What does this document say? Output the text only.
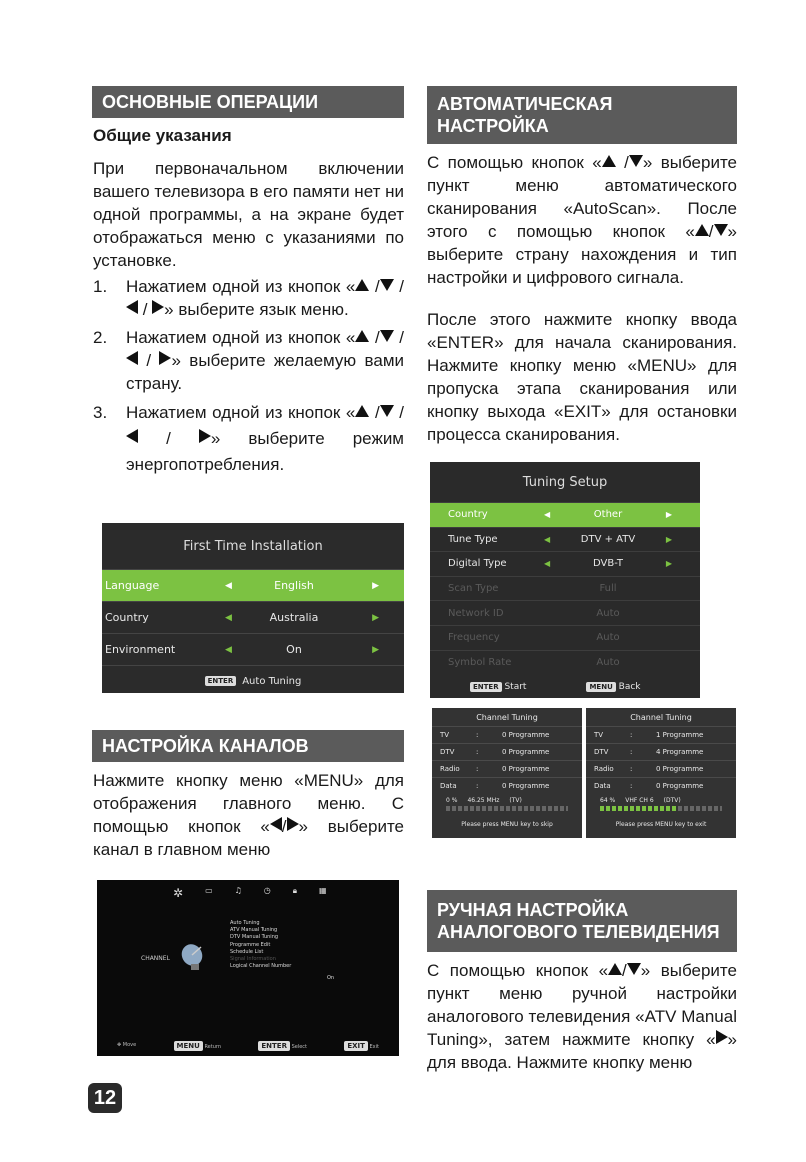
ОСНОВНЫЕ ОПЕРАЦИИ
Общие указания
При первоначальном включении вашего телевизора в его памяти нет ни одной программы, а на экране будет отображаться меню с указаниями по установке.
1. Нажатием одной из кнопок « / /  / » выберите язык меню.
2. Нажатием одной из кнопок « / /  / » выберите желаемую вами страну.
3. Нажатием одной из кнопок « / /  / » выберите режим энергопотребления.
First Time Installation
Language	◀	English	▶
Country	◀	Australia	▶
Environment	◀	On	▶
ENTER Auto Tuning
НАСТРОЙКА КАНАЛОВ
Нажмите кнопку меню «MENU» для отображения главного меню. С помощью кнопок « / » выберите канал в главном меню
✲	▭	♫	◷	🔒︎	▦
CHANNEL
Auto Tuning
ATV Manual Tuning
DTV Manual Tuning
Programme Edit
Schedule List
Signal Information
Logical Channel Number
On
✥ Move	MENU Return	ENTER Select	EXIT Exit
12
АВТОМАТИЧЕСКАЯ НАСТРОЙКА
С помощью кнопок « / » выберите пункт меню автоматического сканирования «AutoScan». После этого с помощью кнопок « / » выберите страну нахождения и тип настройки и цифрового сигнала.
После этого нажмите кнопку ввода «ENTER» для начала сканирования. Нажмите кнопку меню «MENU» для пропуска этапа сканирования или кнопку выхода «EXIT» для остановки процесса сканирования.
Tuning Setup
Country	◀	Other	▶
Tune Type	◀	DTV + ATV	▶
Digital Type	◀	DVB-T	▶
Scan Type	Full
Network ID	Auto
Frequency	Auto
Symbol Rate	Auto
ENTER Start	MENU Back
Channel Tuning
TV	:	0 Programme
DTV	:	0 Programme
Radio	:	0 Programme
Data	:	0 Programme
0 % 46.25 MHz (TV)
Please press MENU key to skip
Channel Tuning
TV	:	1 Programme
DTV	:	4 Programme
Radio	:	0 Programme
Data	:	0 Programme
64 % VHF CH 6 (DTV)
Please press MENU key to exit
РУЧНАЯ НАСТРОЙКА АНАЛОГОВОГО ТЕЛЕВИДЕНИЯ
С помощью кнопок « / » выберите пункт меню ручной настройки аналогового телевидения «ATV Manual Tuning», затем нажмите кнопку « » для ввода. Нажмите кнопку меню
